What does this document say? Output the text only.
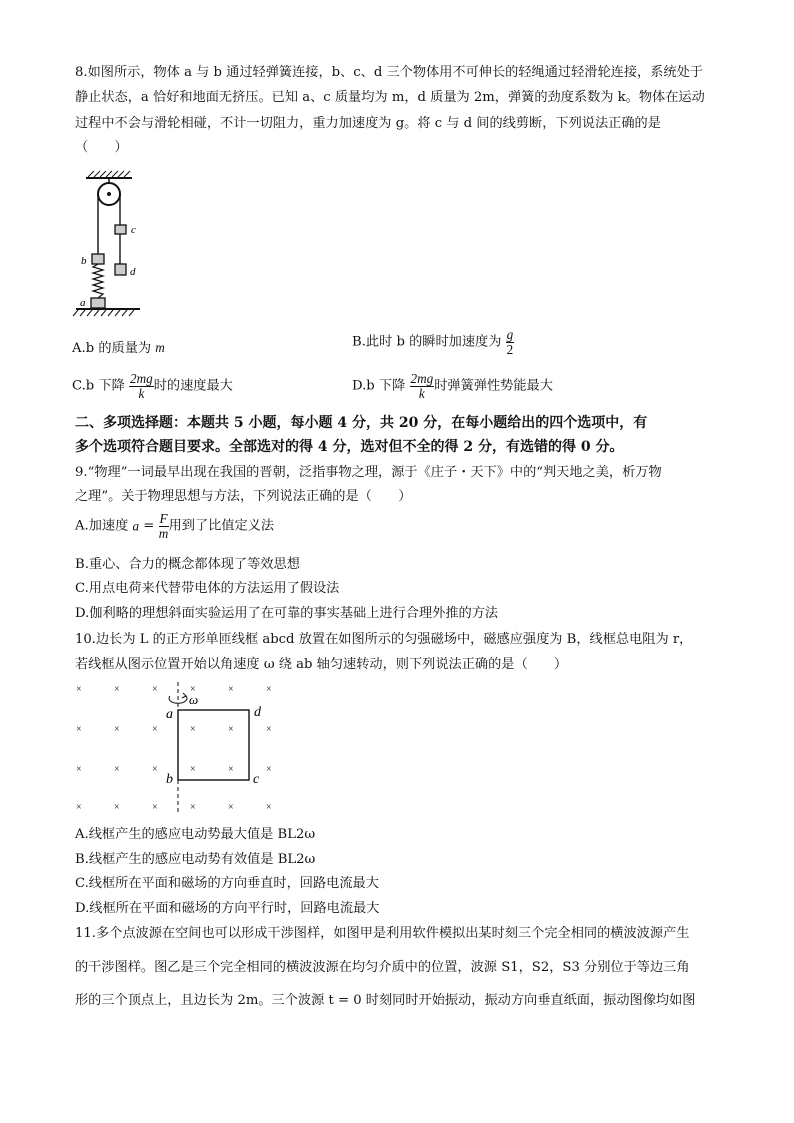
8.如图所示，物体 a 与 b 通过轻弹簧连接，b、c、d 三个物体用不可伸长的轻绳通过轻滑轮连接，系统处于
静止状态，a 恰好和地面无挤压。已知 a、c 质量均为 m，d 质量为 2m，弹簧的劲度系数为 k。物体在运动
过程中不会与滑轮相碰，不计一切阻力，重力加速度为 g。将 c 与 d 间的线剪断，下列说法正确的是
（　　）
c
d
b
a
A.b 的质量为 m	B.此时 b 的瞬时加速度为 $\frac{g}{2}$
C.b 下降 $\frac{2mg}{k}$ 时的速度最大	D.b 下降 $\frac{2mg}{k}$ 时弹簧弹性势能最大
二、多项选择题：本题共 5 小题，每小题 4 分，共 20 分，在每小题给出的四个选项中，有
多个选项符合题目要求。全部选对的得 4 分，选对但不全的得 2 分，有选错的得 0 分。
9.“物理”一词最早出现在我国的晋朝，泛指事物之理，源于《庄子・天下》中的“判天地之美，析万物
之理”。关于物理思想与方法，下列说法正确的是（　　）
A.加速度 $a = \frac{F}{m}$ 用到了比值定义法
B.重心、合力的概念都体现了等效思想
C.用点电荷来代替带电体的方法运用了假设法
D.伽利略的理想斜面实验运用了在可靠的事实基础上进行合理外推的方法
10.边长为 L 的正方形单匝线框 abcd 放置在如图所示的匀强磁场中，磁感应强度为 B，线框总电阻为 r，
若线框从图示位置开始以角速度 ω 绕 ab 轴匀速转动，则下列说法正确的是（　　）
×	×	×	×	×	×
×	×	×	×	×	×
×	×	×	×	×	×
×	×	×	×	×	×
ω
a
b	c
d
A.线框产生的感应电动势最大值是 BL2ω
B.线框产生的感应电动势有效值是 BL2ω
C.线框所在平面和磁场的方向垂直时，回路电流最大
D.线框所在平面和磁场的方向平行时，回路电流最大
11.多个点波源在空间也可以形成干涉图样，如图甲是利用软件模拟出某时刻三个完全相同的横波波源产生
的干涉图样。图乙是三个完全相同的横波波源在均匀介质中的位置，波源 S1，S2，S3 分别位于等边三角
形的三个顶点上，且边长为 2m。三个波源 t = 0 时刻同时开始振动，振动方向垂直纸面，振动图像均如图
